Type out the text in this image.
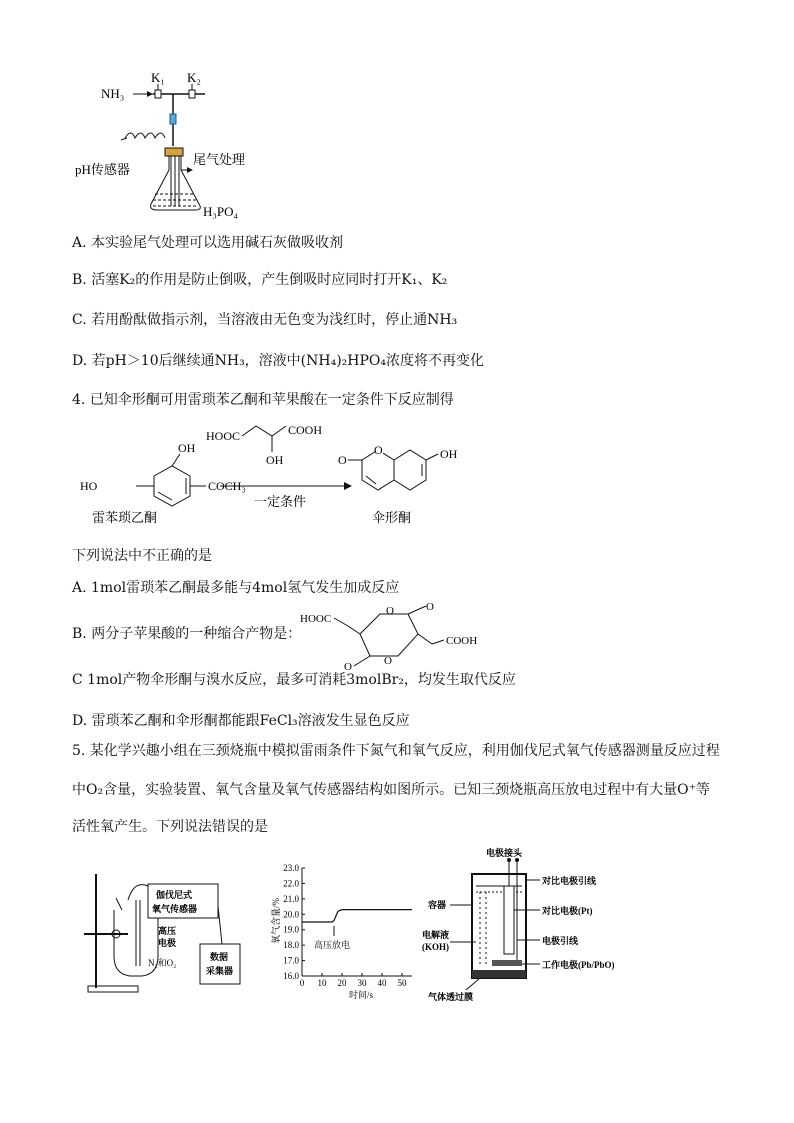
NH₃
K₁ K₂
pH传感器
尾气处理
H₃PO₄
A. 本实验尾气处理可以选用碱石灰做吸收剂
B. 活塞K₂的作用是防止倒吸，产生倒吸时应同时打开K₁、K₂
C. 若用酚酞做指示剂，当溶液由无色变为浅红时，停止通NH₃
D. 若pH＞10后继续通NH₃，溶液中(NH₄)₂HPO₄浓度将不再变化
4. 已知伞形酮可用雷琐苯乙酮和苹果酸在一定条件下反应制得
OH
HO	COCH₃
雷苯琐乙酮
HOOC	COOH
OH
一定条件
O
O	OH
伞形酮
下列说法中不正确的是
A. 1mol雷琐苯乙酮最多能与4mol氢气发生加成反应
B. 两分子苹果酸的一种缩合产物是：
HOOC
O
O
O
O
COOH
C 1mol产物伞形酮与溴水反应，最多可消耗3molBr₂，均发生取代反应
D. 雷琐苯乙酮和伞形酮都能跟FeCl₃溶液发生显色反应
5. 某化学兴趣小组在三颈烧瓶中模拟雷雨条件下氮气和氧气反应，利用伽伐尼式氧气传感器测量反应过程
中O₂含量，实验装置、氧气含量及氧气传感器结构如图所示。已知三颈烧瓶高压放电过程中有大量O⁺等
活性氧产生。下列说法错误的是
伽伐尼式
氧气传感器
高压
电极
N₂和O₂
数据
采集器
氧气含量/%
时间/s
高压放电
16.0
17.0
18.0
19.0
20.0
21.0
22.0
23.0
0 10 20 30 40 50
电极接头
对比电极引线
容器
对比电极(Pt)
电解液
(KOH)
电极引线
工作电极(Pb/PbO)
气体透过膜
